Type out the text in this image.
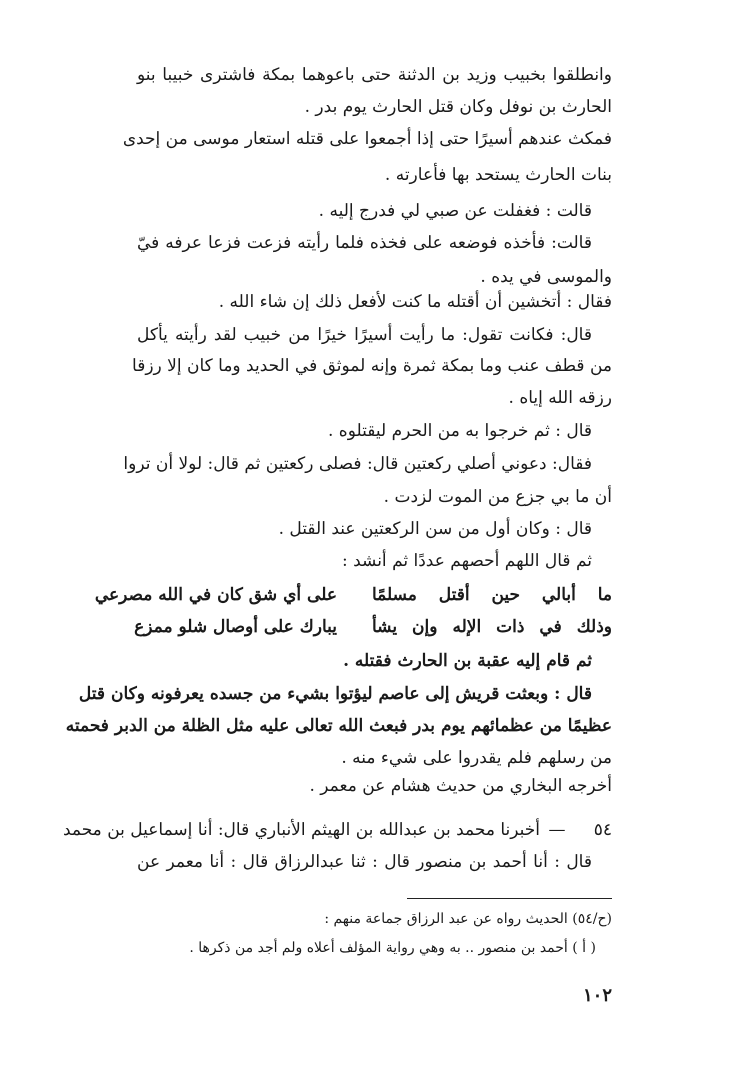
وانطلقوا بخبيب وزيد بن الدثنة حتى باعوهما بمكة فاشترى خبيبا بنو
الحارث بن نوفل وكان قتل الحارث يوم بدر .
فمكث عندهم أسيرًا حتى إذا أجمعوا على قتله استعار موسى من إحدى
بنات الحارث يستحد بها فأعارته .
قالت : فغفلت عن صبي لي فدرج إليه .
قالت: فأخذه فوضعه على فخذه فلما رأيته فزعت فزعا عرفه فيّ
والموسى في يده .
فقال : أتخشين أن أقتله ما كنت لأفعل ذلك إن شاء الله .
قال: فكانت تقول: ما رأيت أسيرًا خيرًا من خبيب لقد رأيته يأكل
من قطف عنب وما بمكة ثمرة وإنه لموثق في الحديد وما كان إلا رزقا
رزقه الله إياه .
قال : ثم خرجوا به من الحرم ليقتلوه .
فقال: دعوني أصلي ركعتين قال: فصلى ركعتين ثم قال: لولا أن تروا
أن ما بي جزع من الموت لزدت .
قال : وكان أول من سن الركعتين عند القتل .
ثم قال اللهم أحصهم عددًا ثم أنشد :
ما أبالي حين أقتل مسلمًا
على أي شق كان في الله مصرعي
وذلك في ذات الإله وإن يشأ
يبارك على أوصال شلو ممزع
ثم قام إليه عقبة بن الحارث فقتله .
قال : وبعثت قريش إلى عاصم ليؤتوا بشيء من جسده يعرفونه وكان قتل
عظيمًا من عظمائهم يوم بدر فبعث الله تعالى عليه مثل الظلة من الدبر فحمته
من رسلهم فلم يقدروا على شيء منه .
أخرجه البخاري من حديث هشام عن معمر .
٥٤
—
أخبرنا محمد بن عبدالله بن الهيثم الأنباري قال: أنا إسماعيل بن محمد
قال : أنا أحمد بن منصور قال : ثنا عبدالرزاق قال : أنا معمر عن
(ح/٥٤) الحديث رواه عن عبد الرزاق جماعة منهم :
( أ ) أحمد بن منصور .. به وهي رواية المؤلف أعلاه ولم أجد من ذكرها .
١٠٢
